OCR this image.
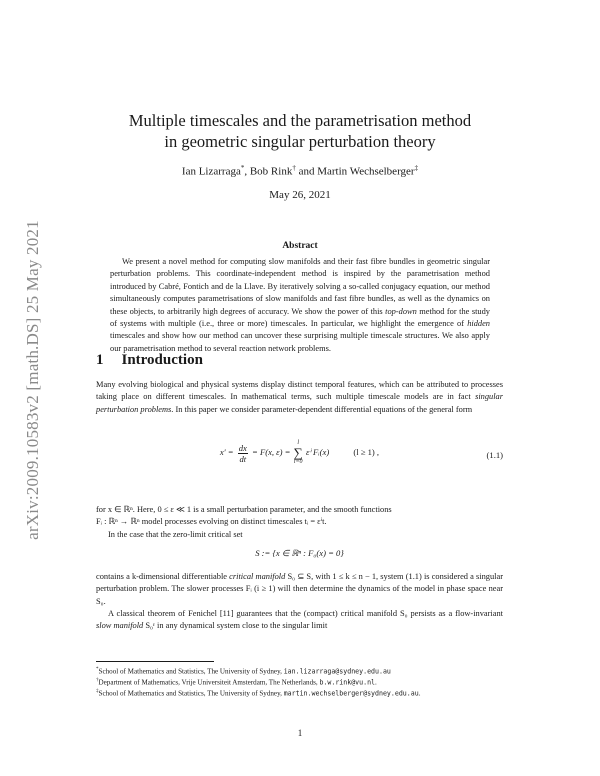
arXiv:2009.10583v2 [math.DS] 25 May 2021
Multiple timescales and the parametrisation method
in geometric singular perturbation theory
Ian Lizarraga*, Bob Rink† and Martin Wechselberger‡
May 26, 2021
Abstract
We present a novel method for computing slow manifolds and their fast fibre bundles in geometric singular perturbation problems. This coordinate-independent method is inspired by the parametrisation method introduced by Cabré, Fontich and de la Llave. By iteratively solving a so-called conjugacy equation, our method simultaneously computes parametrisations of slow manifolds and fast fibre bundles, as well as the dynamics on these objects, to arbitrarily high degrees of accuracy. We show the power of this top-down method for the study of systems with multiple (i.e., three or more) timescales. In particular, we highlight the emergence of hidden timescales and show how our method can uncover these surprising multiple timescale structures. We also apply our parametrisation method to several reaction network problems.
1 Introduction
Many evolving biological and physical systems display distinct temporal features, which can be attributed to processes taking place on different timescales. In mathematical terms, such multiple timescale models are in fact singular perturbation problems. In this paper we consider parameter-dependent differential equations of the general form
$x' = \frac{dx}{dt} = F(x$, ε) = l
∑
i=0 εⁱ Fᵢ(x)	(l ≥ 1) ,	(1.1)
for x ∈ ℝⁿ. Here, 0 ≤ ε ≪ 1 is a small perturbation parameter, and the smooth functions
Fᵢ : ℝⁿ → ℝⁿ model processes evolving on distinct timescales tᵢ = εⁱt.
In the case that the zero-limit critical set
S := {x ∈ ℝⁿ : F₀(x) = 0}
contains a k-dimensional differentiable critical manifold S₀ ⊆ S, with 1 ≤ k ≤ n − 1, system (1.1) is considered a singular perturbation problem. The slower processes Fᵢ (i ≥ 1) will then determine the dynamics of the model in phase space near S₀.
A classical theorem of Fenichel [11] guarantees that the (compact) critical manifold S₀ persists as a flow-invariant slow manifold S₀ᵋ in any dynamical system close to the singular limit
*School of Mathematics and Statistics, The University of Sydney, ian.lizarraga@sydney.edu.au
†Department of Mathematics, Vrije Universiteit Amsterdam, The Netherlands, b.w.rink@vu.nl.
‡School of Mathematics and Statistics, The University of Sydney, martin.wechselberger@sydney.edu.au.
1
